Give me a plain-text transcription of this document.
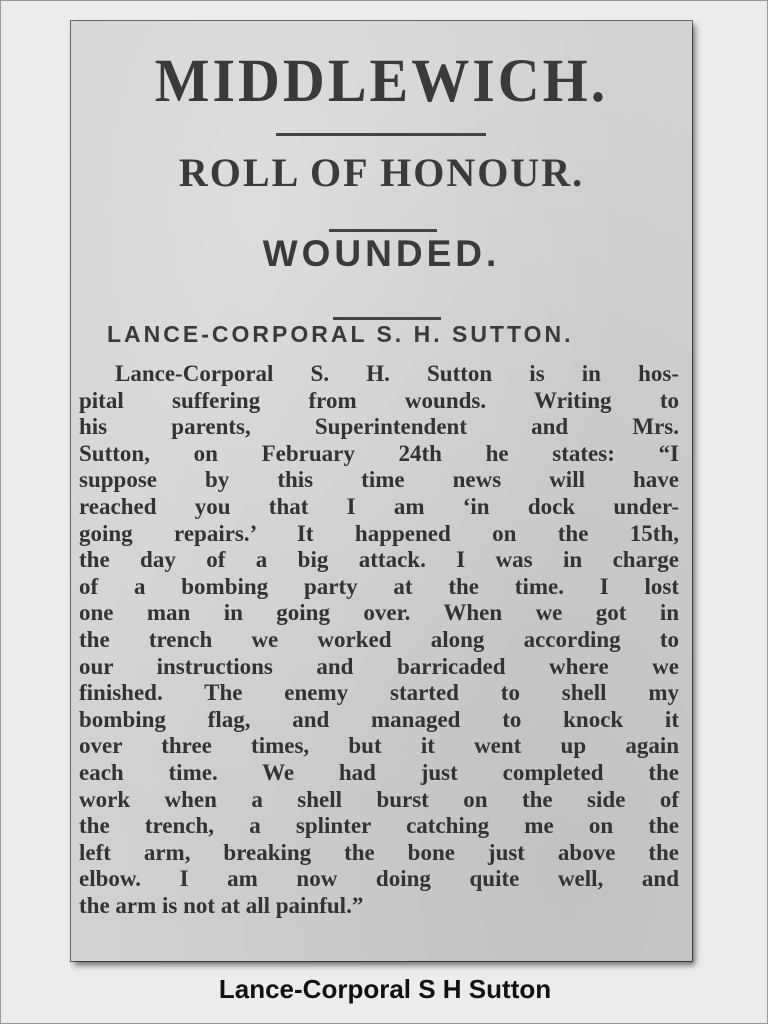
MIDDLEWICH.
ROLL OF HONOUR.
WOUNDED.
LANCE-CORPORAL S. H. SUTTON.
Lance-Corporal S. H. Sutton is in hos-
pital suffering from wounds. Writing to
his parents, Superintendent and Mrs.
Sutton, on February 24th he states: “I
suppose by this time news will have
reached you that I am ‘in dock under-
going repairs.’ It happened on the 15th,
the day of a big attack. I was in charge
of a bombing party at the time. I lost
one man in going over. When we got in
the trench we worked along according to
our instructions and barricaded where we
finished. The enemy started to shell my
bombing flag, and managed to knock it
over three times, but it went up again
each time. We had just completed the
work when a shell burst on the side of
the trench, a splinter catching me on the
left arm, breaking the bone just above the
elbow. I am now doing quite well, and
the arm is not at all painful.”
Lance-Corporal S H Sutton
